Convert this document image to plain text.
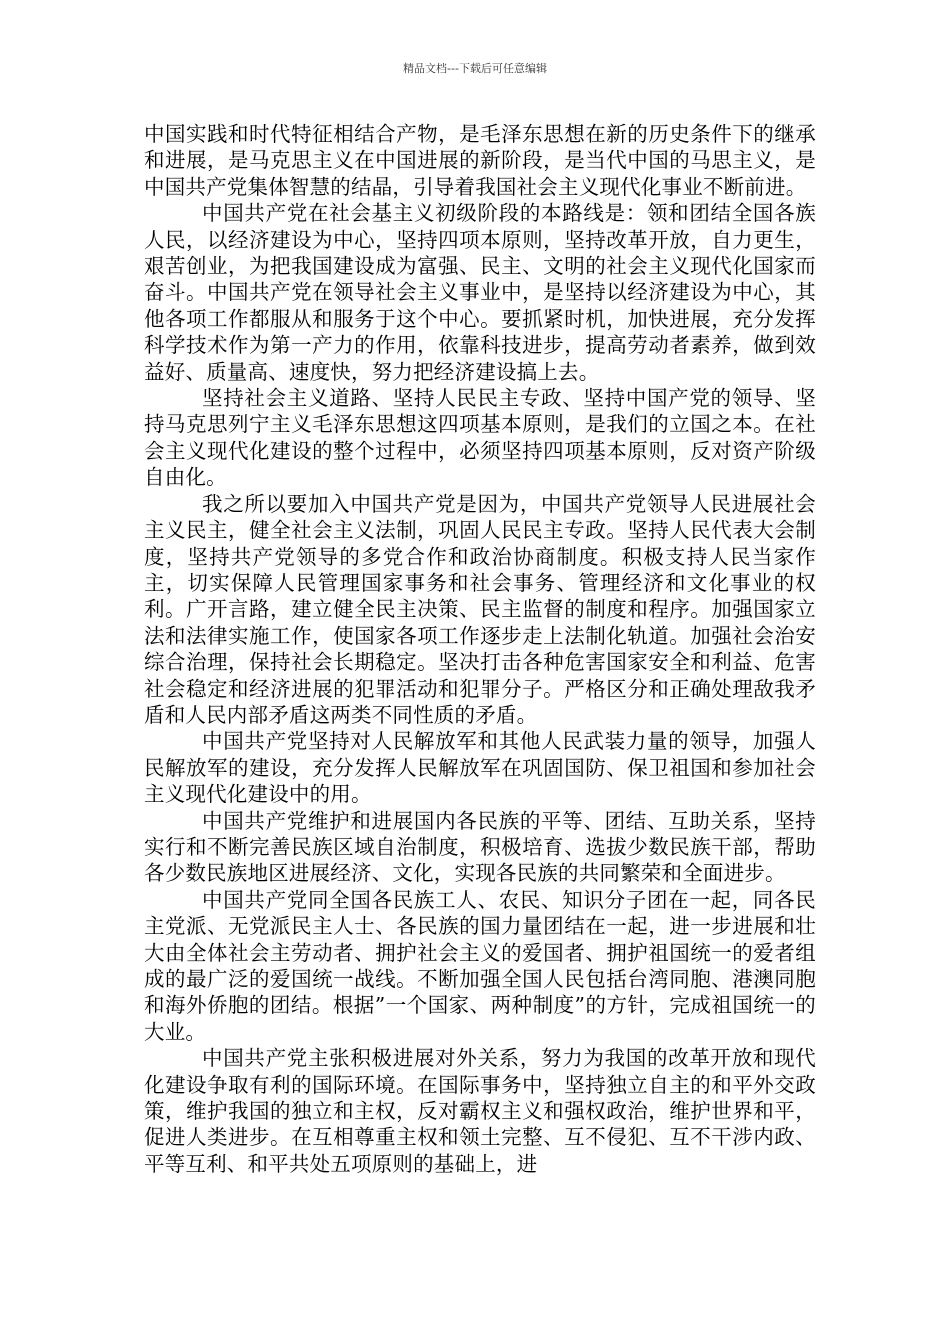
精品文档---下载后可任意编辑

中国实践和时代特征相结合产物，是毛泽东思想在新的历史条件下的继承和进展，是马克思主义在中国进展的新阶段，是当代中国的马思主义，是中国共产党集体智慧的结晶，引导着我国社会主义现代化事业不断前进。

中国共产党在社会基主义初级阶段的本路线是：领和团结全国各族人民，以经济建设为中心，坚持四项本原则，坚持改革开放，自力更生，艰苦创业，为把我国建设成为富强、民主、文明的社会主义现代化国家而奋斗。中国共产党在领导社会主义事业中，是坚持以经济建设为中心，其他各项工作都服从和服务于这个中心。要抓紧时机，加快进展，充分发挥科学技术作为第一产力的作用，依靠科技进步，提高劳动者素养，做到效益好、质量高、速度快，努力把经济建设搞上去。

坚持社会主义道路、坚持人民民主专政、坚持中国产党的领导、坚持马克思列宁主义毛泽东思想这四项基本原则，是我们的立国之本。在社会主义现代化建设的整个过程中，必须坚持四项基本原则，反对资产阶级自由化。

我之所以要加入中国共产党是因为，中国共产党领导人民进展社会主义民主，健全社会主义法制，巩固人民民主专政。坚持人民代表大会制度，坚持共产党领导的多党合作和政治协商制度。积极支持人民当家作主，切实保障人民管理国家事务和社会事务、管理经济和文化事业的权利。广开言路，建立健全民主决策、民主监督的制度和程序。加强国家立法和法律实施工作，使国家各项工作逐步走上法制化轨道。加强社会治安综合治理，保持社会长期稳定。坚决打击各种危害国家安全和利益、危害社会稳定和经济进展的犯罪活动和犯罪分子。严格区分和正确处理敌我矛盾和人民内部矛盾这两类不同性质的矛盾。

中国共产党坚持对人民解放军和其他人民武装力量的领导，加强人民解放军的建设，充分发挥人民解放军在巩固国防、保卫祖国和参加社会主义现代化建设中的用。

中国共产党维护和进展国内各民族的平等、团结、互助关系，坚持实行和不断完善民族区域自治制度，积极培育、选拔少数民族干部，帮助各少数民族地区进展经济、文化，实现各民族的共同繁荣和全面进步。

中国共产党同全国各民族工人、农民、知识分子团在一起，同各民主党派、无党派民主人士、各民族的国力量团结在一起，进一步进展和壮大由全体社会主劳动者、拥护社会主义的爱国者、拥护祖国统一的爱者组成的最广泛的爱国统一战线。不断加强全国人民包括台湾同胞、港澳同胞和海外侨胞的团结。根据”一个国家、两种制度”的方针，完成祖国统一的大业。

中国共产党主张积极进展对外关系，努力为我国的改革开放和现代化建设争取有利的国际环境。在国际事务中，坚持独立自主的和平外交政策，维护我国的独立和主权，反对霸权主义和强权政治，维护世界和平，促进人类进步。在互相尊重主权和领土完整、互不侵犯、互不干涉内政、平等互利、和平共处五项原则的基础上，进
